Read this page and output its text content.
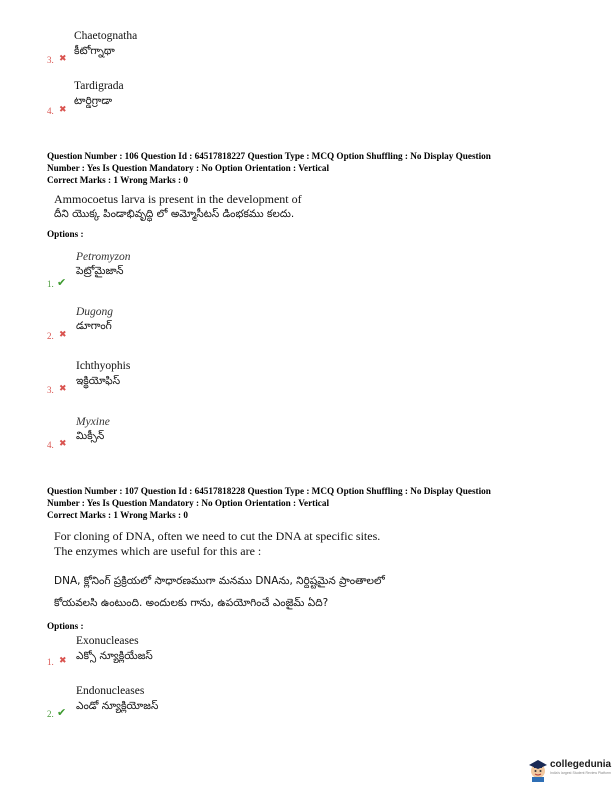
Chaetognatha
కీటోగ్నాథా
3. ✖
Tardigrada
టార్డిగ్రాడా
4. ✖
Question Number : 106 Question Id : 64517818227 Question Type : MCQ Option Shuffling : No Display Question
Number : Yes Is Question Mandatory : No Option Orientation : Vertical
Correct Marks : 1 Wrong Marks : 0
Ammocoetus larva is present in the development of
దీని యొక్క పిండాభివృద్ధి లో అమ్మోసీటస్ డింభకము కలదు.
Options :
Petromyzon
పెట్రోమైజాన్
1. ✔
Dugong
డూగాంగ్
2. ✖
Ichthyophis
ఇక్థియోఫిస్
3. ✖
Myxine
మిక్సీన్
4. ✖
Question Number : 107 Question Id : 64517818228 Question Type : MCQ Option Shuffling : No Display Question
Number : Yes Is Question Mandatory : No Option Orientation : Vertical
Correct Marks : 1 Wrong Marks : 0
For cloning of DNA, often we need to cut the DNA at specific sites.
The enzymes which are useful for this are :
DNA, క్లోనింగ్ ప్రక్రియలో సాధారణముగా మనము DNAను, నిర్దిష్టమైన ప్రాంతాలలో
కోయవలసి ఉంటుంది. అందులకు గాను, ఉపయోగించే ఎంజైమ్ ఏది?
Options :
Exonucleases
ఎక్సో న్యూక్లియేజస్
1. ✖
Endonucleases
ఎండో న్యూక్లియోజస్
2. ✔
collegedunia
India's largest Student Review Platform
